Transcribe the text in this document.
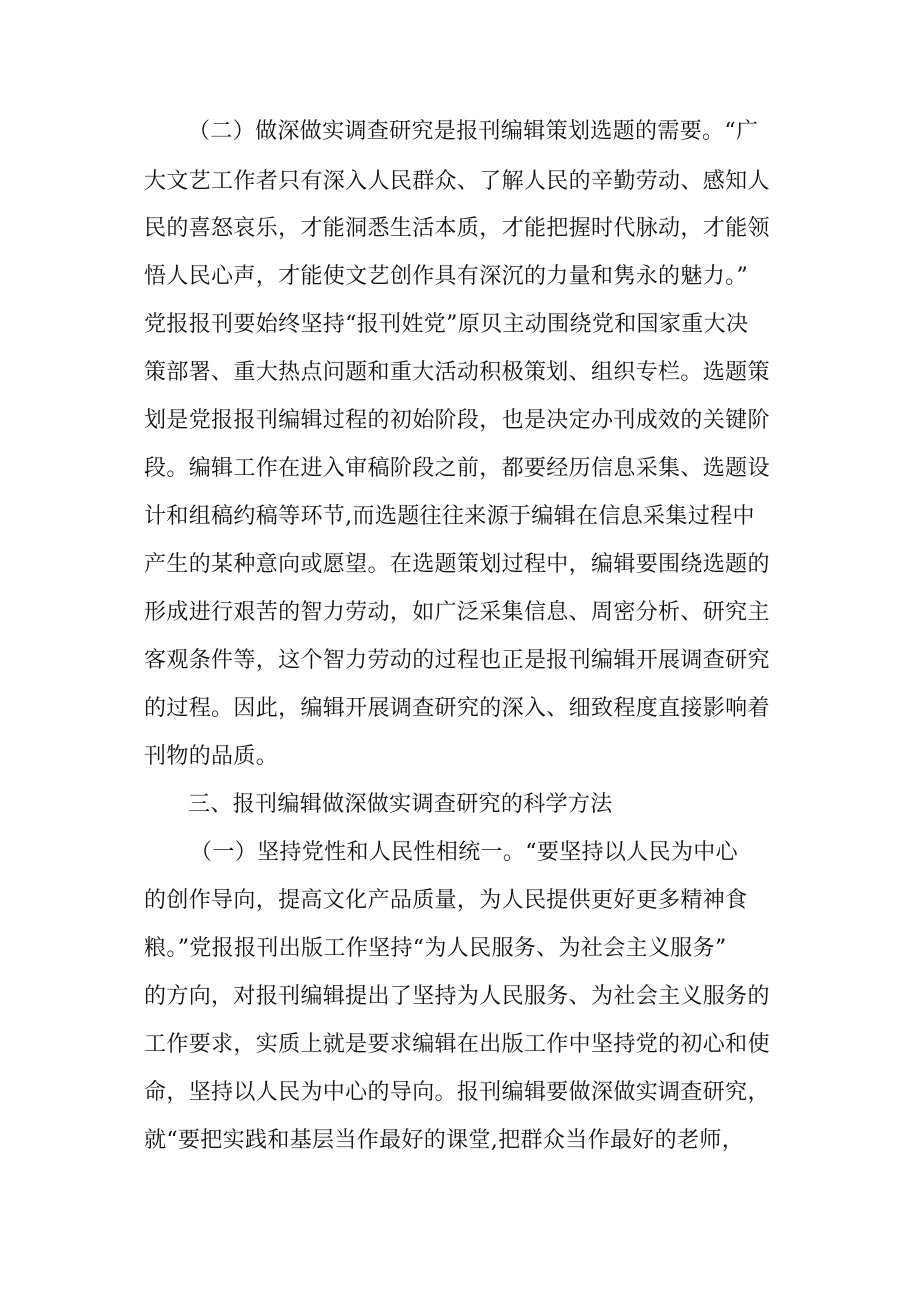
（二）做深做实调查研究是报刊编辑策划选题的需要。“广
大文艺工作者只有深入人民群众、了解人民的辛勤劳动、感知人
民的喜怒哀乐，才能洞悉生活本质，才能把握时代脉动，才能领
悟人民心声，才能使文艺创作具有深沉的力量和隽永的魅力。”
党报报刊要始终坚持“报刊姓党”原贝主动围绕党和国家重大决
策部署、重大热点问题和重大活动积极策划、组织专栏。选题策
划是党报报刊编辑过程的初始阶段，也是决定办刊成效的关键阶
段。编辑工作在进入审稿阶段之前，都要经历信息采集、选题设
计和组稿约稿等环节,而选题往往来源于编辑在信息采集过程中
产生的某种意向或愿望。在选题策划过程中，编辑要围绕选题的
形成进行艰苦的智力劳动，如广泛采集信息、周密分析、研究主
客观条件等，这个智力劳动的过程也正是报刊编辑开展调查研究
的过程。因此，编辑开展调查研究的深入、细致程度直接影响着
刊物的品质。
三、报刊编辑做深做实调查研究的科学方法
（一）坚持党性和人民性相统一。“要坚持以人民为中心
的创作导向，提高文化产品质量，为人民提供更好更多精神食
粮。”党报报刊出版工作坚持“为人民服务、为社会主义服务”
的方向，对报刊编辑提出了坚持为人民服务、为社会主义服务的
工作要求，实质上就是要求编辑在出版工作中坚持党的初心和使
命，坚持以人民为中心的导向。报刊编辑要做深做实调查研究，
就“要把实践和基层当作最好的课堂,把群众当作最好的老师，
